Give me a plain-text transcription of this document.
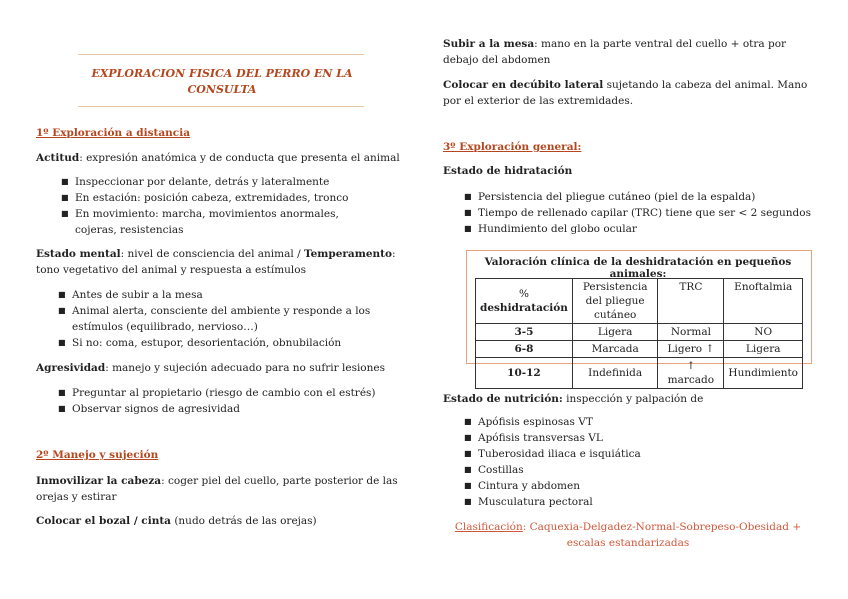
EXPLORACION FISICA DEL PERRO EN LA CONSULTA
1º Exploración a distancia
Actitud: expresión anatómica y de conducta que presenta el animal
■ Inspeccionar por delante, detrás y lateralmente
■ En estación: posición cabeza, extremidades, tronco
■ En movimiento: marcha, movimientos anormales, cojeras, resistencias
Estado mental: nivel de consciencia del animal / Temperamento: tono vegetativo del animal y respuesta a estímulos
■ Antes de subir a la mesa
■ Animal alerta, consciente del ambiente y responde a los estímulos (equilibrado, nervioso…)
■ Si no: coma, estupor, desorientación, obnubilación
Agresividad: manejo y sujeción adecuado para no sufrir lesiones
■ Preguntar al propietario (riesgo de cambio con el estrés)
■ Observar signos de agresividad
2º Manejo y sujeción
Inmovilizar la cabeza: coger piel del cuello, parte posterior de las orejas y estirar
Colocar el bozal / cinta (nudo detrás de las orejas)
Subir a la mesa: mano en la parte ventral del cuello + otra por debajo del abdomen
Colocar en decúbito lateral sujetando la cabeza del animal. Mano por el exterior de las extremidades.
3º Exploración general:
Estado de hidratación
■ Persistencia del pliegue cutáneo (piel de la espalda)
■ Tiempo de rellenado capilar (TRC) tiene que ser < 2 segundos
■ Hundimiento del globo ocular
Valoración clínica de la deshidratación en pequeños animales:
%
deshidratación	Persistencia del pliegue cutáneo	TRC	Enoftalmia
3-5	Ligera	Normal	NO
6-8	Marcada	Ligero ↑	Ligera
10-12	Indefinida	↑ marcado	Hundimiento
Estado de nutrición: inspección y palpación de
■ Apófisis espinosas VT
■ Apófisis transversas VL
■ Tuberosidad iliaca e isquiática
■ Costillas
■ Cintura y abdomen
■ Musculatura pectoral
Clasificación: Caquexia-Delgadez-Normal-Sobrepeso-Obesidad + escalas estandarizadas
